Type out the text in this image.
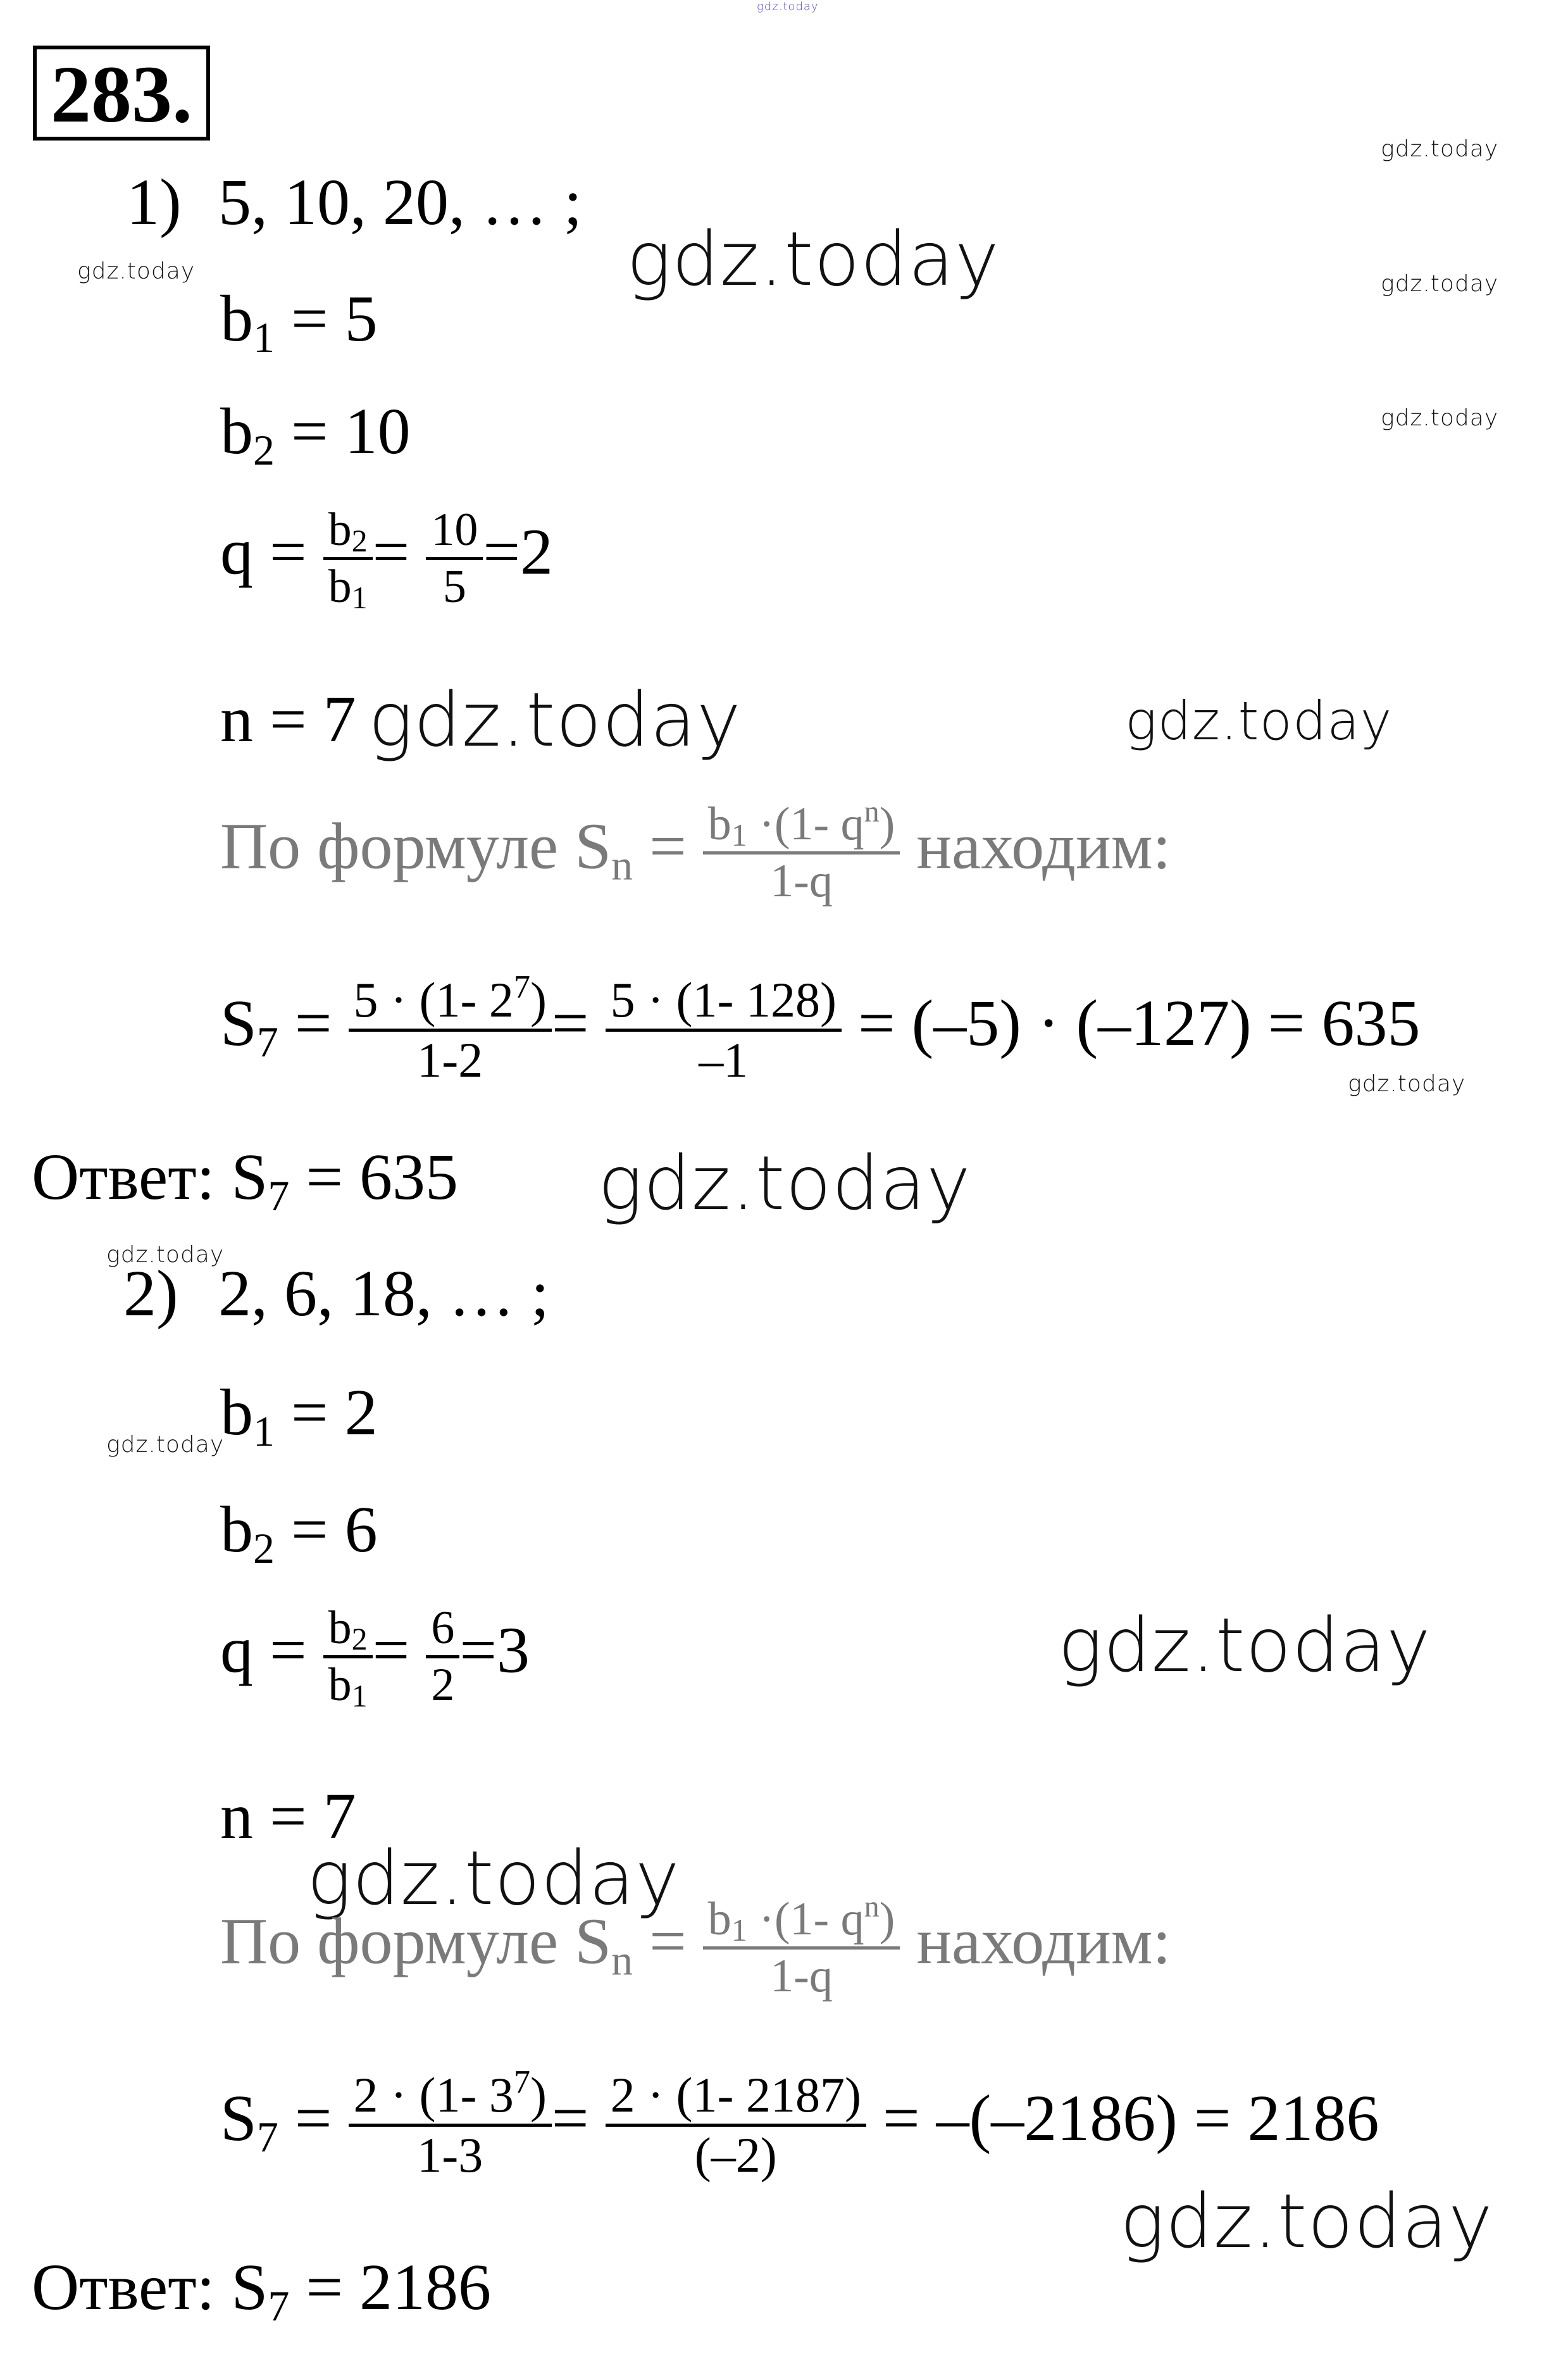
gdz.today
283.
gdz.today
gdz.today
gdz.today
gdz.today	gdz.today
gdz.today	gdz.today
gdz.today
gdz.today
gdz.today
gdz.today
gdz.today
gdz.today
gdz.today
1) 5, 10, 20, … ;
$b_1 = 5$
$b_2 = 10$
$q = \frac{b_2}{b_1} = \frac{10}{5} =2$
n = 7
По формуле $S_n = \frac{b_1 \cdot(1- q^n)}{1-q}$ находим:
$S_7 = \frac{5 \cdot (1- 2^7)}{1-2} = \frac{5 \cdot (1- 128)}{-1} = (-5) \cdot (-127) = 635$
Ответ: $S_7 = 635$
2) 2, 6, 18, … ;
$b_1 = 2$
$b_2 = 6$
$q = \frac{b_2}{b_1} = \frac{6}{2} =3$
n = 7
По формуле $S_n = \frac{b_1 \cdot(1- q^n)}{1-q}$ находим:
$S_7 = \frac{2 \cdot (1- 3^7)}{1-3} = \frac{2 \cdot (1- 2187)}{(-2)} = -(-2186) = 2186$
Ответ: $S_7 = 2186$
